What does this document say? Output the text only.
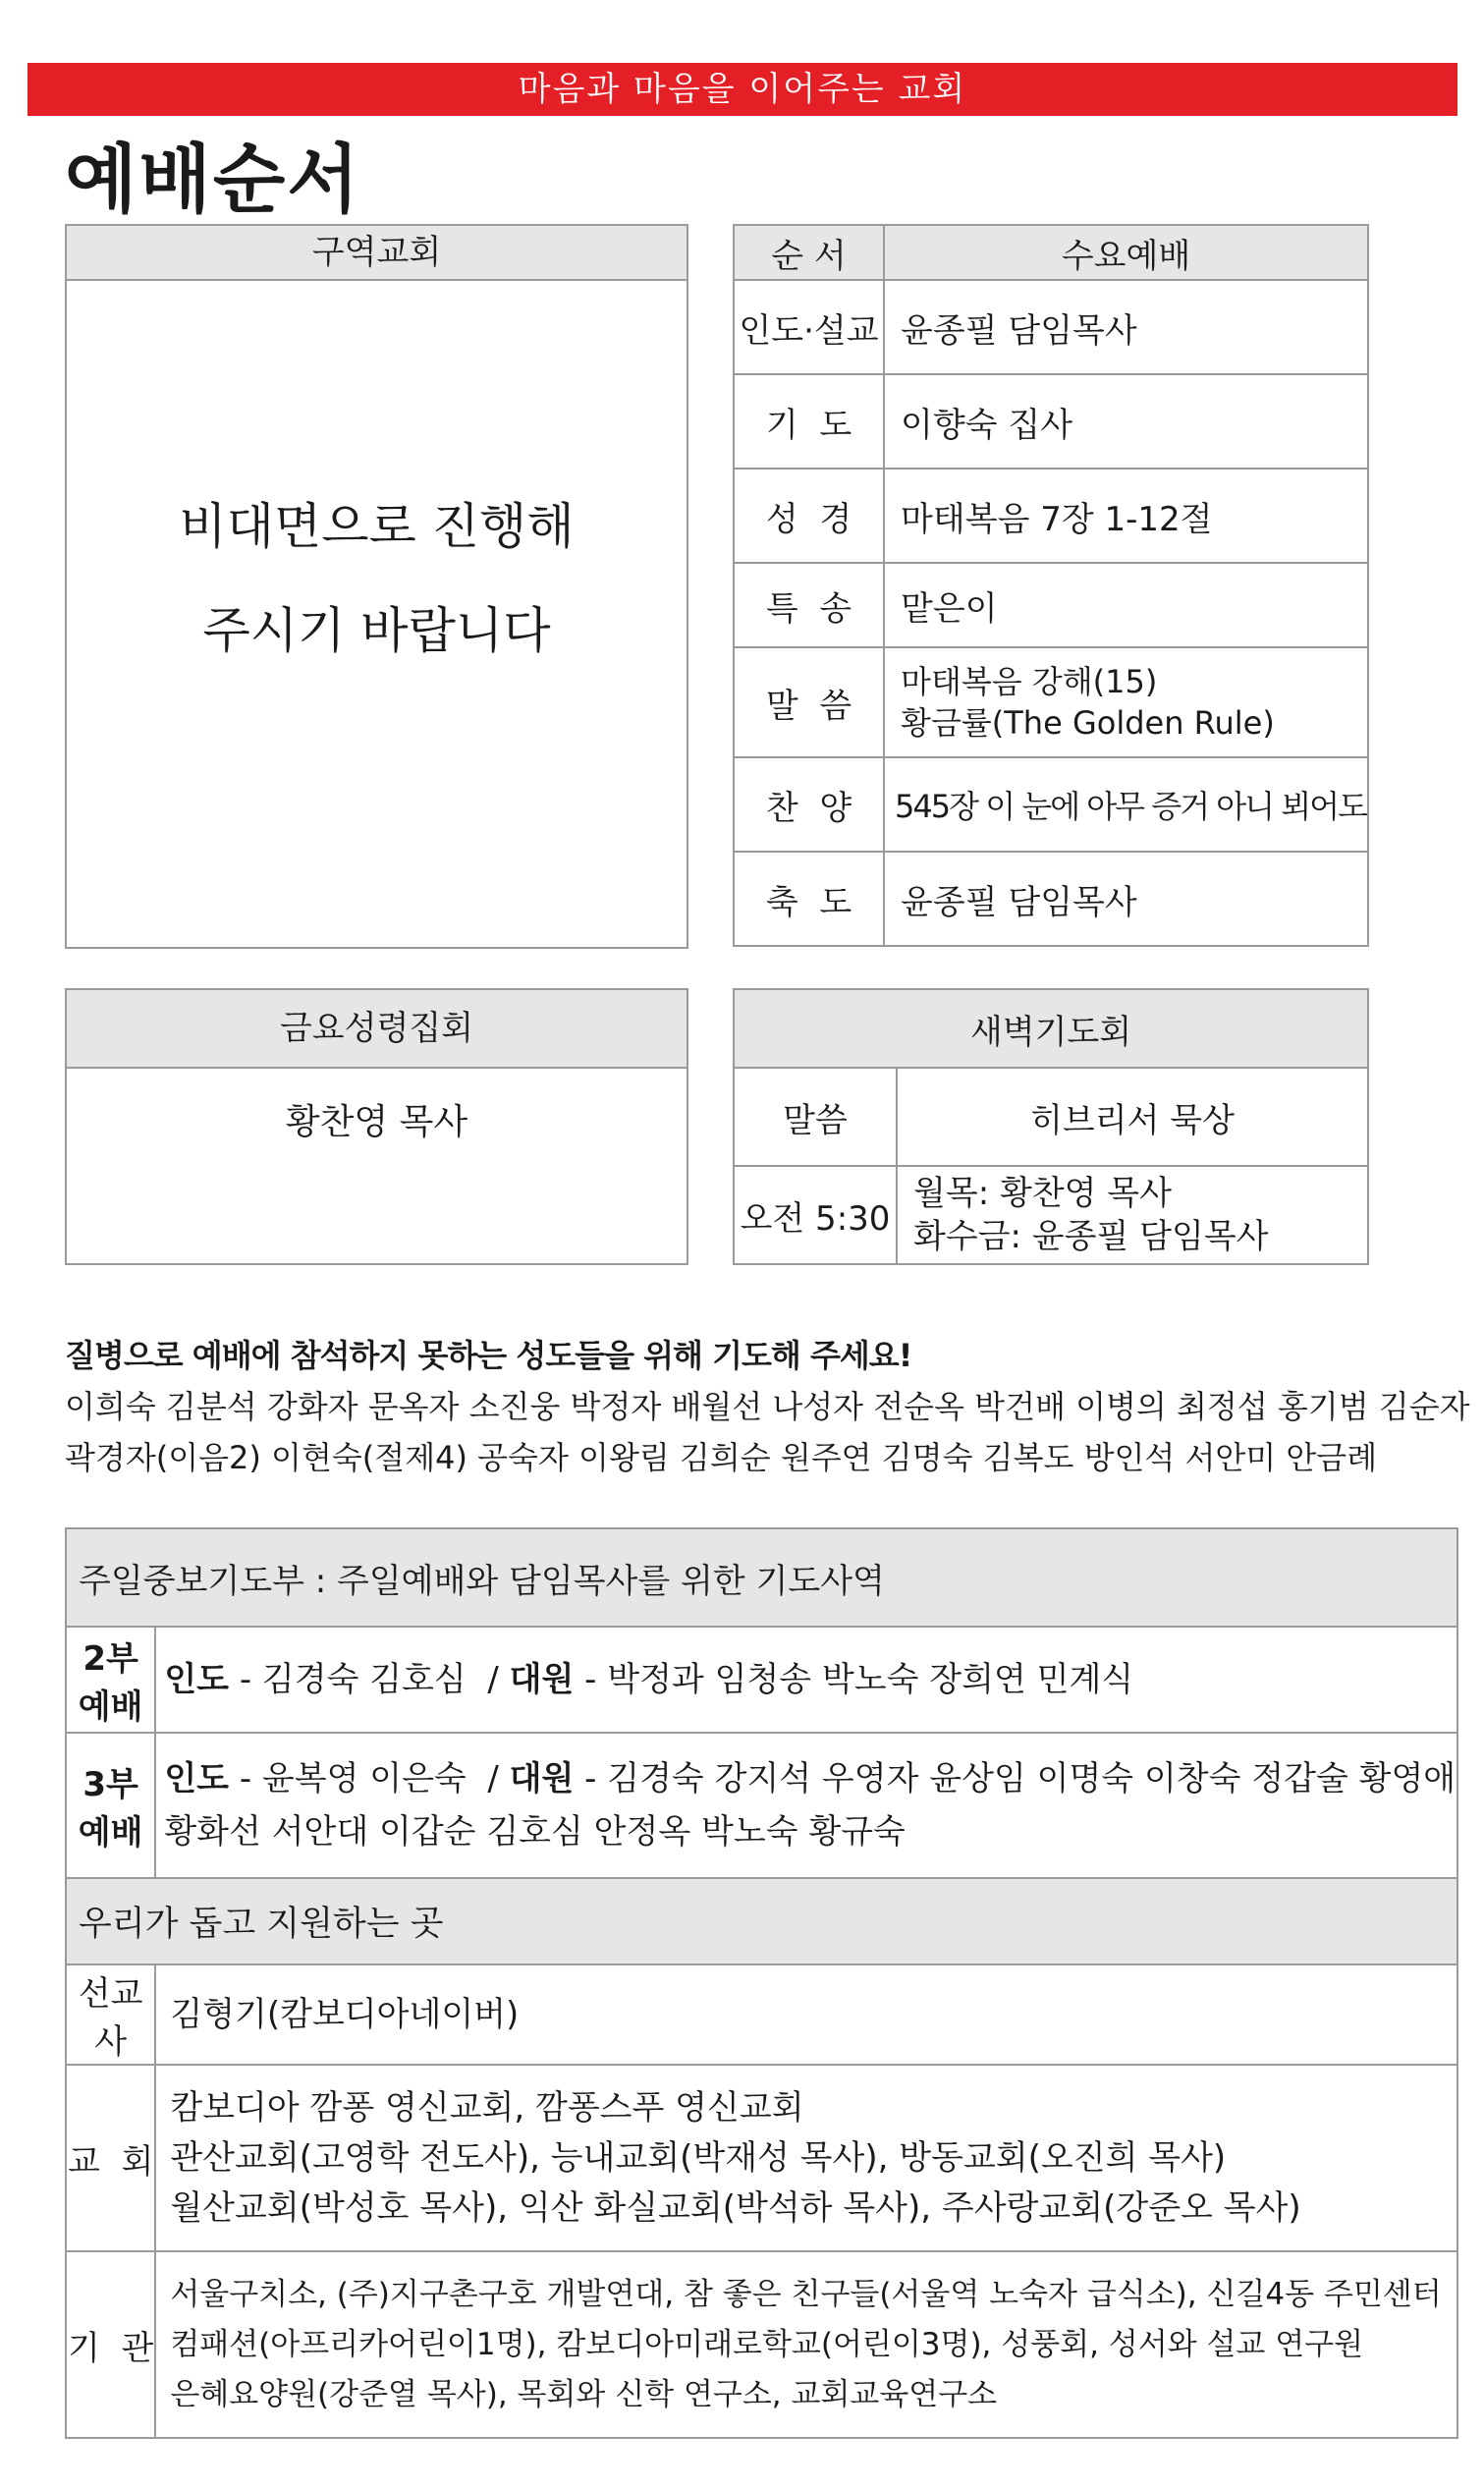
마음과 마음을 이어주는 교회
예배순서
구역교회
비대면으로 진행해
주시기 바랍니다
순 서	수요예배
인도·설교	윤종필 담임목사
기  도	이향숙 집사
성  경	마태복음 7장 1-12절
특  송	맡은이
말  씀	마태복음 강해(15)
황금률(The Golden Rule)

찬  양	545장 이 눈에 아무 증거 아니 뵈어도
축  도	윤종필 담임목사
금요성령집회
황찬영 목사
새벽기도회	
말씀	히브리서 묵상
오전 5:30	월목: 황찬영 목사
화수금: 윤종필 담임목사
질병으로 예배에 참석하지 못하는 성도들을 위해 기도해 주세요!
이희숙 김분석 강화자 문옥자 소진웅 박정자 배월선 나성자 전순옥 박건배 이병의 최정섭 홍기범 김순자
곽경자(이음2) 이현숙(절제4) 공숙자 이왕림 김희순 원주연 김명숙 김복도 방인석 서안미 안금례
주일중보기도부 : 주일예배와 담임목사를 위한 기도사역	
2부 예배	인도 - 김경숙 김호심  / 대원 - 박정과 임청송 박노숙 장희연 민계식
3부 예배	인도 - 윤복영 이은숙  / 대원 - 김경숙 강지석 우영자 윤상임 이명숙 이창숙 정갑술 황영애
황화선 서안대 이갑순 김호심 안정옥 박노숙 황규숙

우리가 돕고 지원하는 곳	
선교사	김형기(캄보디아네이버)
교  회	캄보디아 깜퐁 영신교회, 깜퐁스푸 영신교회
관산교회(고영학 전도사), 능내교회(박재성 목사), 방동교회(오진희 목사)
월산교회(박성호 목사), 익산 화실교회(박석하 목사), 주사랑교회(강준오 목사)

기  관	서울구치소, (주)지구촌구호 개발연대, 참 좋은 친구들(서울역 노숙자 급식소), 신길4동 주민센터
컴패션(아프리카어린이1명), 캄보디아미래로학교(어린이3명), 성풍회, 성서와 설교 연구원
은혜요양원(강준열 목사), 목회와 신학 연구소, 교회교육연구소
